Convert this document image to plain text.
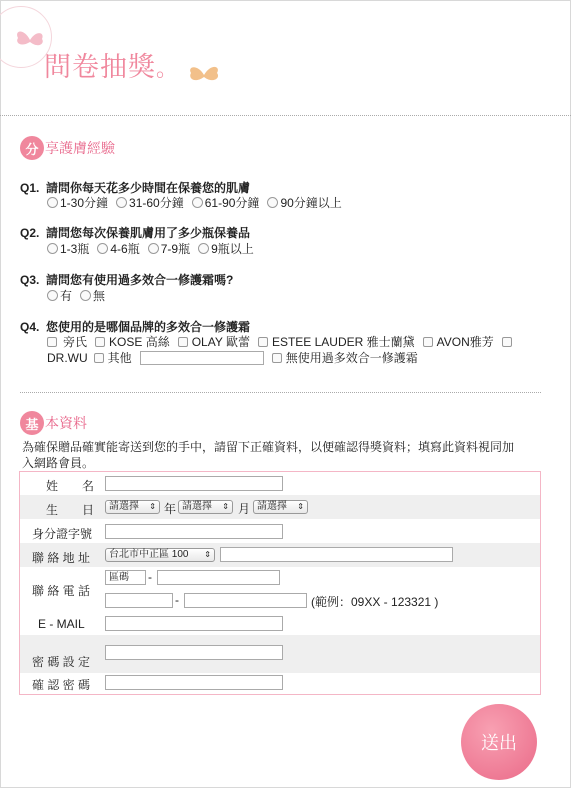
問卷抽獎。
分 享護膚經驗
Q1. 請問你每天花多少時間在保養您的肌膚
1-30分鐘 31-60分鐘 61-90分鐘 90分鐘以上
Q2. 請問您每次保養肌膚用了多少瓶保養品
1-3瓶 4-6瓶 7-9瓶 9瓶以上
Q3. 請問您有使用過多效合一修護霜嗎?
有 無
Q4. 您使用的是哪個品牌的多效合一修護霜
旁氏 KOSE 高絲 OLAY 歐蕾 ESTEE LAUDER 雅士蘭黛 AVON雅芳
DR.WU 其他	無使用過多效合一修護霜
基 本資料
為確保贈品確實能寄送到您的手中，請留下正確資料，以便確認得獎資料；填寫此資料視同加入網路會員。
姓　　名
生　　日	請選擇 ⇕ 年 請選擇 ⇕ 月 請選擇 ⇕
身分證字號
聯 絡 地 址	台北市中正區 100 ⇕
聯 絡 電 話
區碼	-
-	(範例：09XX - 123321 )
E - MAIL
密 碼 設 定
確 認 密 碼
送出
